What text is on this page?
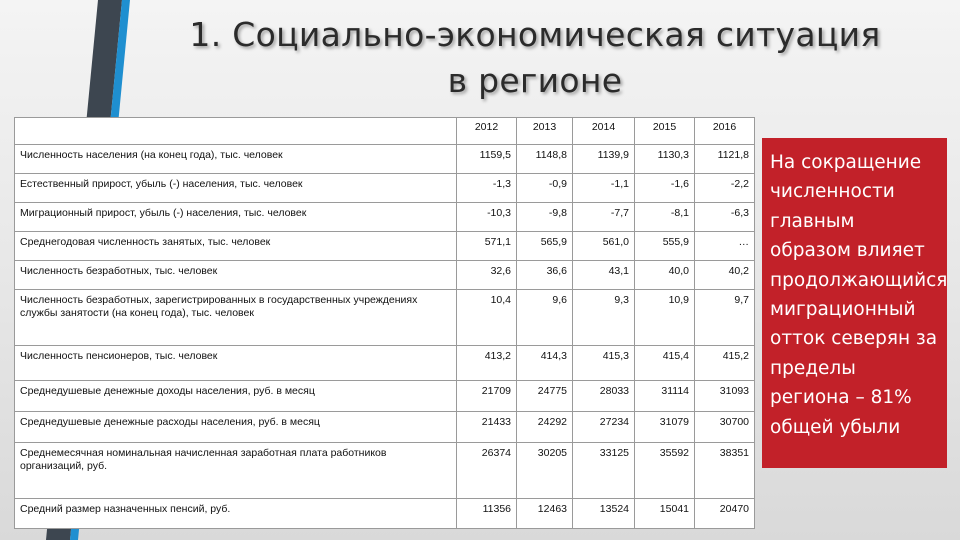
1. Социально-экономическая ситуация
в регионе
	2012	2013	2014	2015	2016
Численность населения (на конец года), тыс. человек	1159,5	1148,8	1139,9	1130,3	1121,8
Естественный прирост, убыль (-) населения, тыс. человек	-1,3	-0,9	-1,1	-1,6	-2,2
Миграционный прирост, убыль (-) населения, тыс. человек	-10,3	-9,8	-7,7	-8,1	-6,3
Среднегодовая численность занятых, тыс. человек	571,1	565,9	561,0	555,9	…
Численность безработных, тыс. человек	32,6	36,6	43,1	40,0	40,2
Численность безработных, зарегистрированных в государственных учреждениях службы занятости (на конец года), тыс. человек	10,4	9,6	9,3	10,9	9,7
Численность пенсионеров, тыс. человек	413,2	414,3	415,3	415,4	415,2
Среднедушевые денежные доходы населения, руб. в месяц	21709	24775	28033	31114	31093
Среднедушевые денежные расходы населения, руб. в месяц	21433	24292	27234	31079	30700
Среднемесячная номинальная начисленная заработная плата работников организаций, руб.	26374	30205	33125	35592	38351
Средний размер назначенных пенсий, руб.	11356	12463	13524	15041	20470
На сокращение численности главным образом влияет продолжающийся миграционный отток северян за пределы региона – 81% общей убыли
